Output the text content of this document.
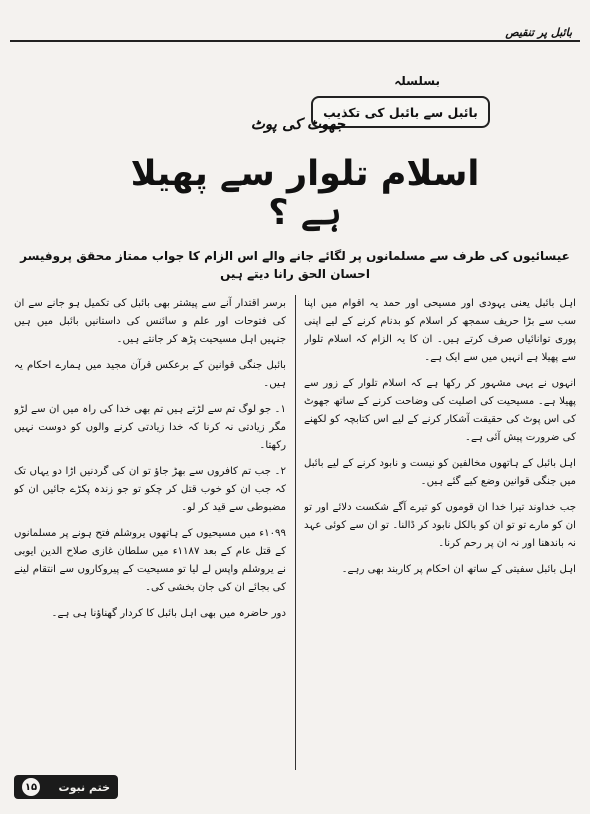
بائبل پر تنقیص
بسلسلہ
بائبل سے بائبل کی تکذیب
جھوٹ کی پوٹ
اسلام تلوار سے پھیلا ہے ؟
عیسائیوں کی طرف سے مسلمانوں پر لگائے جانے والے اس الزام کا جواب ممتاز محقق پروفیسر احسان الحق رانا دیتے ہیں

اہل بائبل یعنی یہودی اور مسیحی اور حمد یہ اقوام میں اپنا سب سے بڑا حریف سمجھ کر اسلام کو بدنام کرنے کے لیے اپنی پوری توانائیاں صرف کرتے ہیں۔ ان کا یہ الزام کہ اسلام تلوار سے پھیلا ہے انہیں میں سے ایک ہے۔

انہوں نے یہی مشہور کر رکھا ہے کہ اسلام تلوار کے زور سے پھیلا ہے۔ مسیحیت کی اصلیت کی وضاحت کرنے کے ساتھ جھوٹ کی اس پوٹ کی حقیقت آشکار کرنے کے لیے اس کتابچہ کو لکھنے کی ضرورت پیش آئی ہے۔

اہل بائبل کے ہاتھوں مخالفین کو نیست و نابود کرنے کے لیے بائبل میں جنگی قوانین وضع کیے گئے ہیں۔

جب خداوند تیرا خدا ان قوموں کو تیرے آگے شکست دلائے اور تو ان کو مارے تو تو ان کو بالکل نابود کر ڈالنا۔ تو ان سے کوئی عہد نہ باندھنا اور نہ ان پر رحم کرنا۔

اہل بائبل سفیتی کے ساتھ ان احکام پر کاربند بھی رہے۔

برسر اقتدار آنے سے پیشتر بھی بائبل کی تکمیل ہو جانے سے ان کی فتوحات اور علم و سائنس کی داستانیں بائبل میں ہیں جنہیں اہل مسیحیت پڑھ کر جانتے ہیں۔

بائبل جنگی قوانین کے برعکس قرآن مجید میں ہمارے احکام یہ ہیں۔

۱۔ جو لوگ تم سے لڑتے ہیں تم بھی خدا کی راہ میں ان سے لڑو مگر زیادتی نہ کرنا کہ خدا زیادتی کرنے والوں کو دوست نہیں رکھتا۔

۲۔ جب تم کافروں سے بھڑ جاؤ تو ان کی گردنیں اڑا دو یہاں تک کہ جب ان کو خوب قتل کر چکو تو جو زندہ پکڑے جائیں ان کو مضبوطی سے قید کر لو۔

۱۰۹۹ء میں مسیحیوں کے ہاتھوں یروشلم فتح ہونے پر مسلمانوں کے قتل عام کے بعد ۱۱۸۷ء میں سلطان غازی صلاح الدین ایوبی نے یروشلم واپس لے لیا تو مسیحیت کے پیروکاروں سے انتقام لینے کی بجائے ان کی جان بخشی کی۔

دور حاضرہ میں بھی اہل بائبل کا کردار گھناؤنا ہی ہے۔

۱۵ ختم نبوت
